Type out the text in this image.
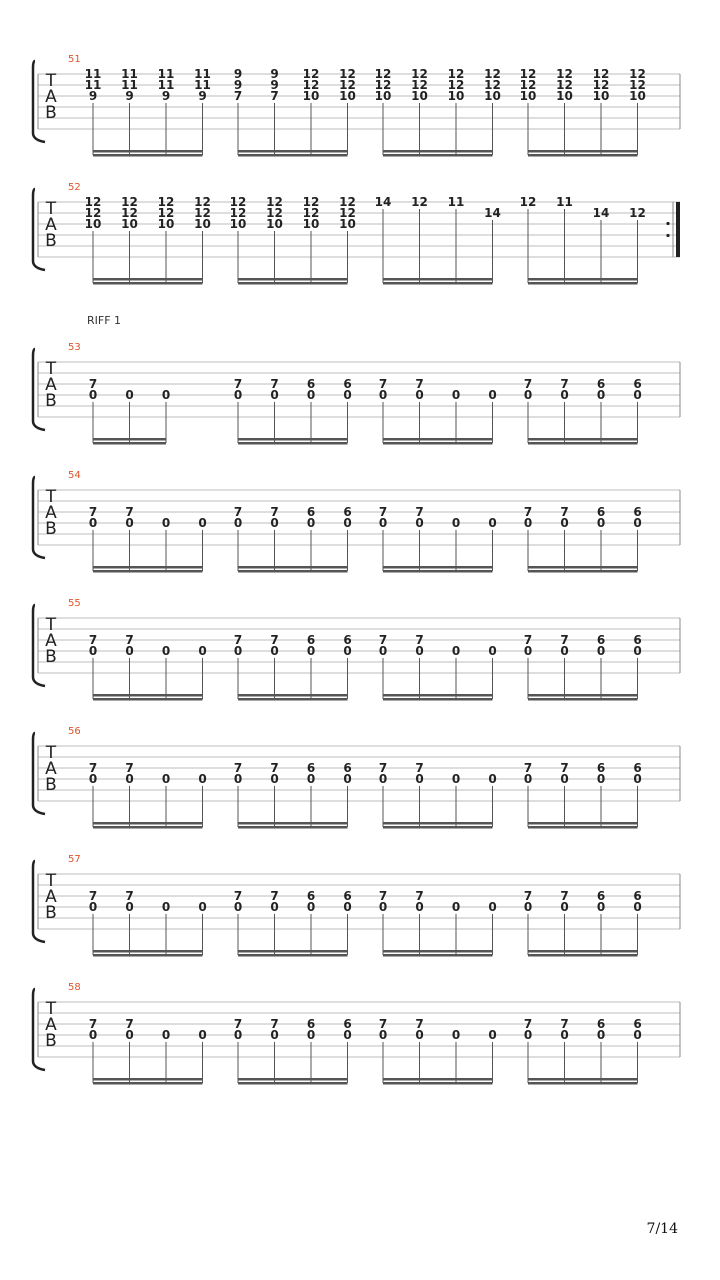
T
A
B
51
11
11
9
11
11
9
11
11
9
11
11
9
9
9
7
9
9
7
12
12
10
12
12
10
12
12
10
12
12
10
12
12
10
12
12
10
12
12
10
12
12
10
12
12
10
12
12
10
T
A
B
52
12
12
10
12
12
10
12
12
10
12
12
10
12
12
10
12
12
10
12
12
10
12
12
10
14 12 11
14
12 11
14 12
T
A
B
53
RIFF 1
7
0 0 0
7
0
7
0
6
0
6
0
7
0
7
0 0 0
7
0
7
0
6
0
6
0
T
A
B
54
7
0
7
0 0 0
7
0
7
0
6
0
6
0
7
0
7
0 0 0
7
0
7
0
6
0
6
0
T
A
B
55
7
0
7
0 0 0
7
0
7
0
6
0
6
0
7
0
7
0 0 0
7
0
7
0
6
0
6
0
T
A
B
56
7
0
7
0 0 0
7
0
7
0
6
0
6
0
7
0
7
0 0 0
7
0
7
0
6
0
6
0
T
A
B
57
7
0
7
0 0 0
7
0
7
0
6
0
6
0
7
0
7
0 0 0
7
0
7
0
6
0
6
0
T
A
B
58
7
0
7
0 0 0
7
0
7
0
6
0
6
0
7
0
7
0 0 0
7
0
7
0
6
0
6
0
7/14
